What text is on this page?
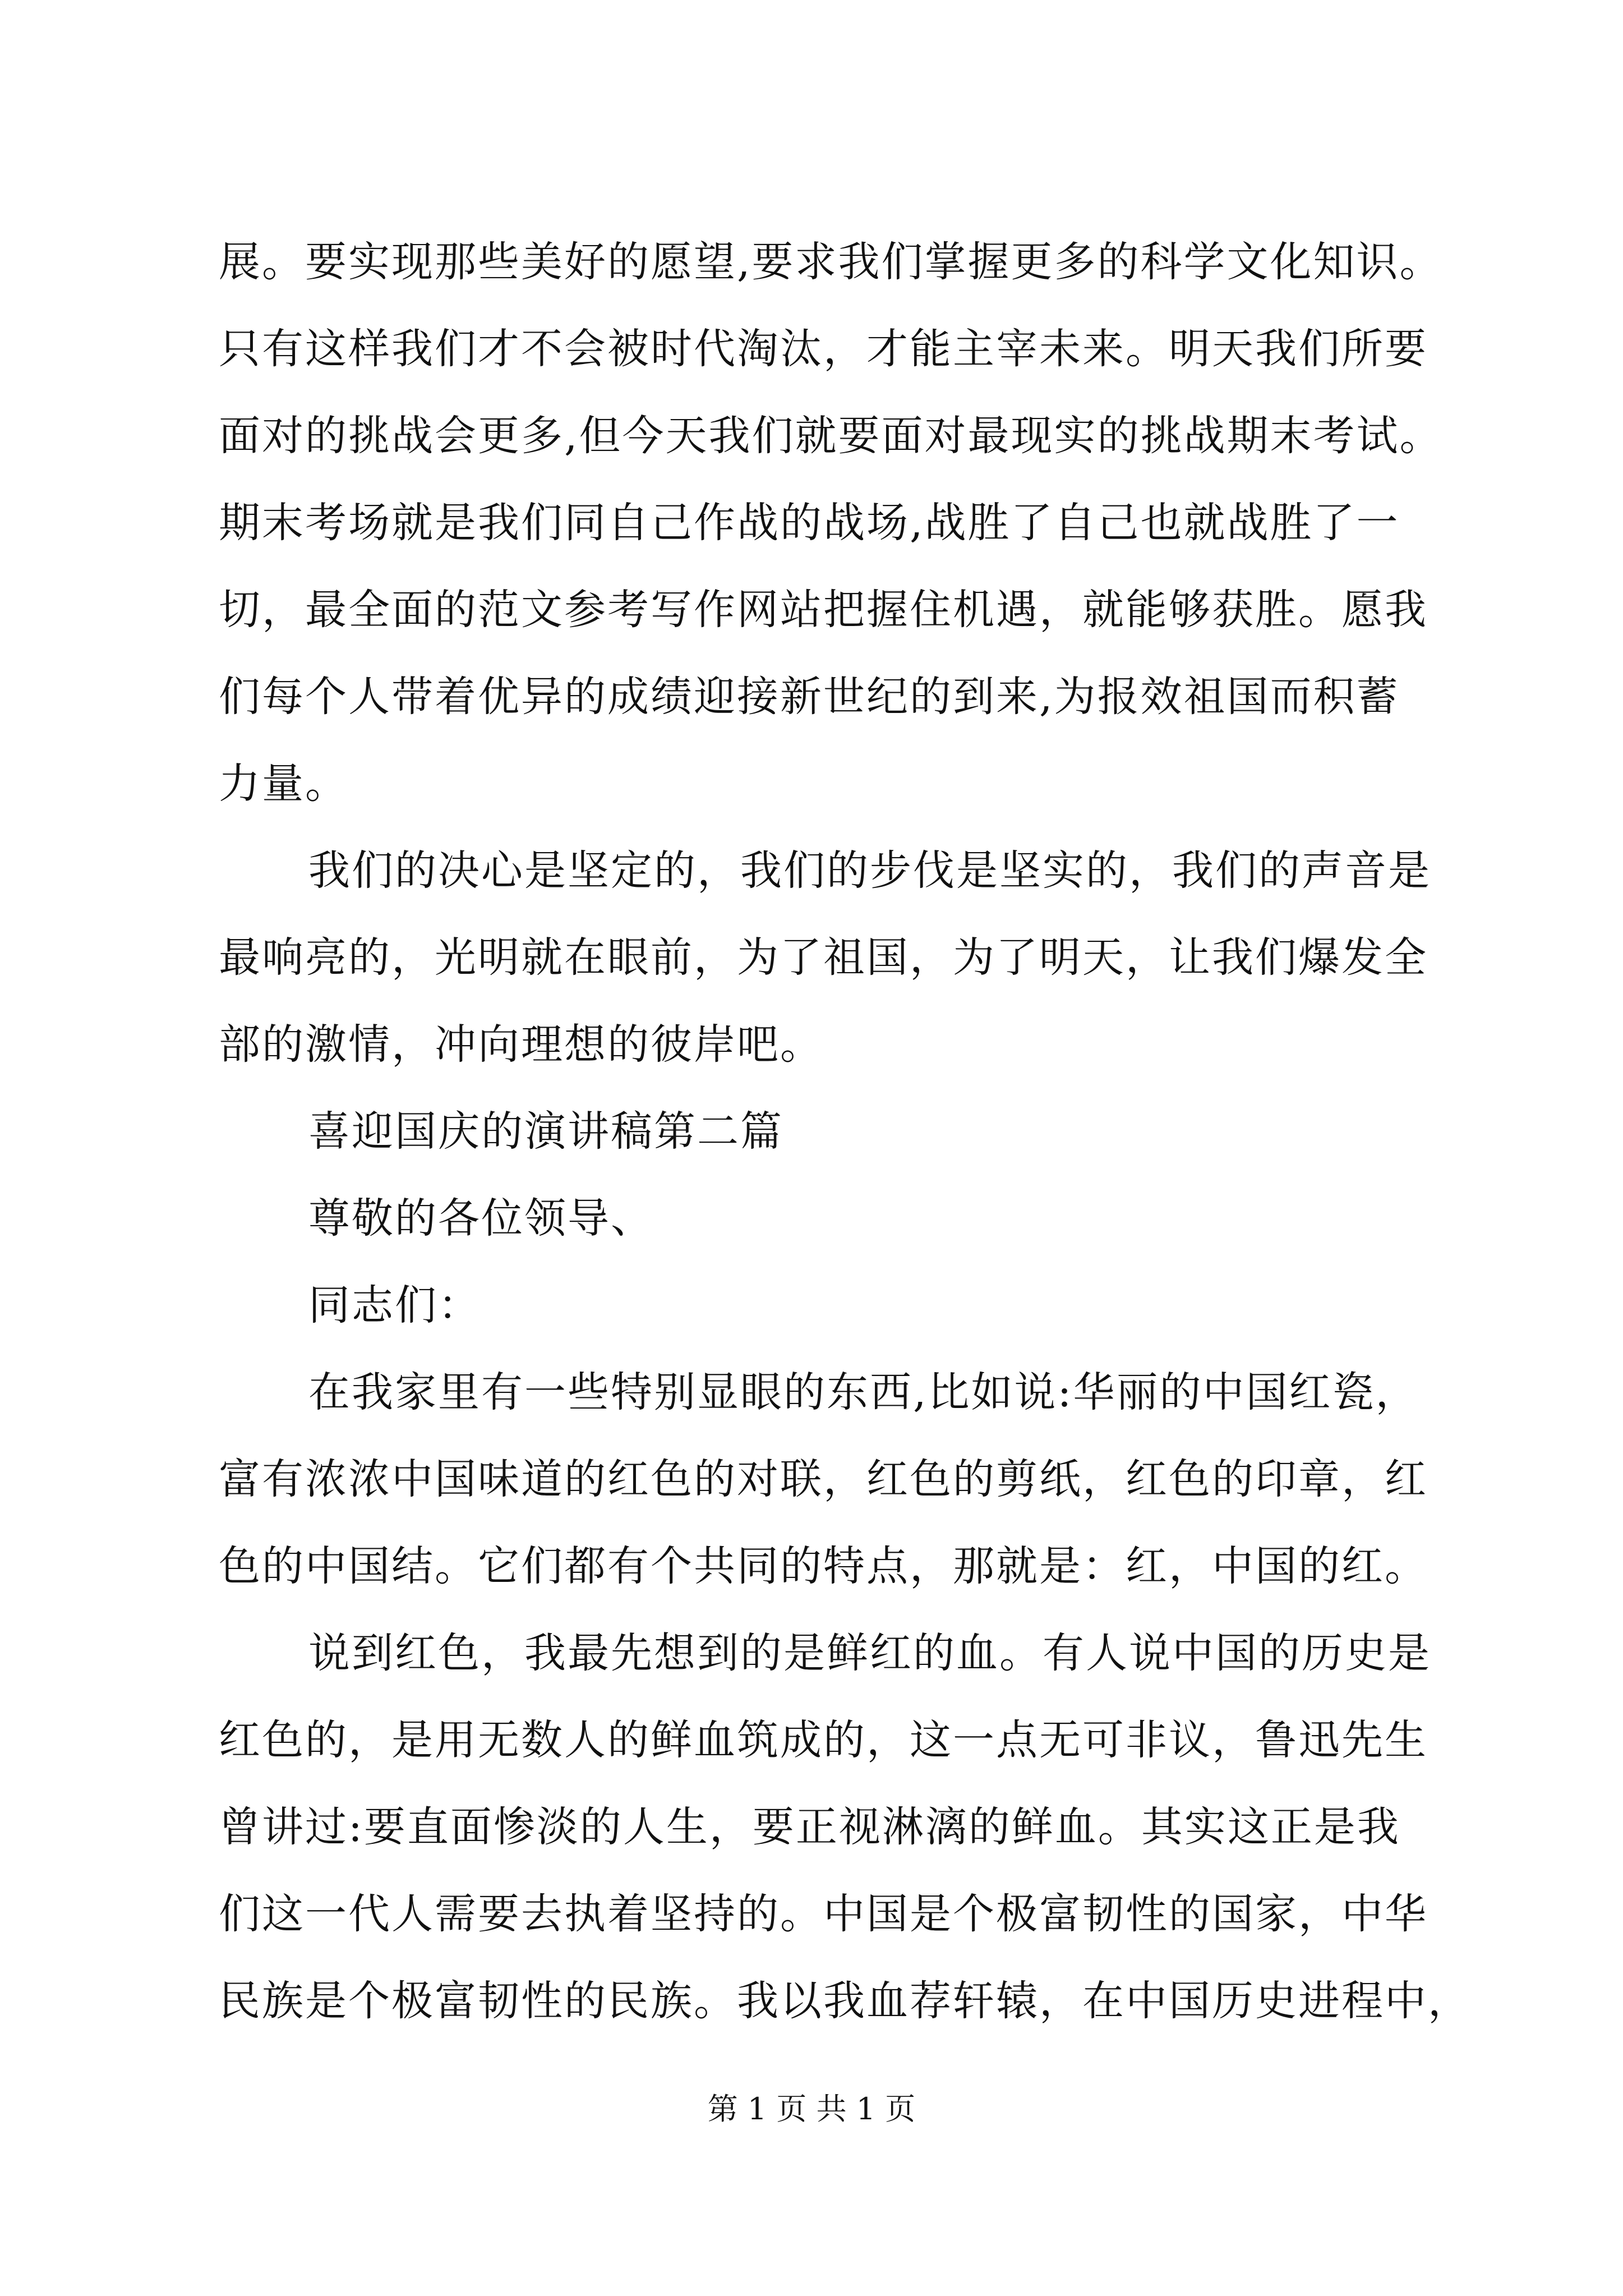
展。要实现那些美好的愿望,要求我们掌握更多的科学文化知识。
只有这样我们才不会被时代淘汰，才能主宰未来。明天我们所要
面对的挑战会更多,但今天我们就要面对最现实的挑战期末考试。
期末考场就是我们同自己作战的战场,战胜了自己也就战胜了一
切，最全面的范文参考写作网站把握住机遇，就能够获胜。愿我
们每个人带着优异的成绩迎接新世纪的到来,为报效祖国而积蓄
力量。
我们的决心是坚定的，我们的步伐是坚实的，我们的声音是
最响亮的，光明就在眼前，为了祖国，为了明天，让我们爆发全
部的激情，冲向理想的彼岸吧。
喜迎国庆的演讲稿第二篇
尊敬的各位领导、
同志们：
在我家里有一些特别显眼的东西,比如说:华丽的中国红瓷，
富有浓浓中国味道的红色的对联，红色的剪纸，红色的印章，红
色的中国结。它们都有个共同的特点，那就是：红，中国的红。
说到红色，我最先想到的是鲜红的血。有人说中国的历史是
红色的，是用无数人的鲜血筑成的，这一点无可非议，鲁迅先生
曾讲过:要直面惨淡的人生，要正视淋漓的鲜血。其实这正是我
们这一代人需要去执着坚持的。中国是个极富韧性的国家，中华
民族是个极富韧性的民族。我以我血荐轩辕，在中国历史进程中，
第 1 页 共 1 页
